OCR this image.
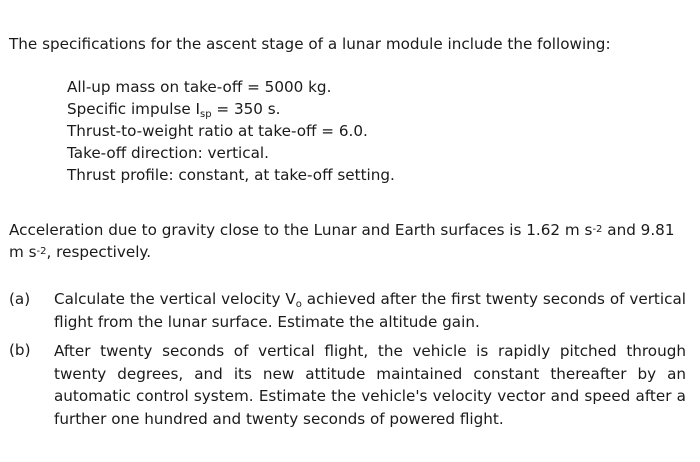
The specifications for the ascent stage of a lunar module include the following:
All-up mass on take-off = 5000 kg.
Specific impulse $I_{sp} = 350$ s.
Thrust-to-weight ratio at take-off = 6.0.
Take-off direction: vertical.
Thrust profile: constant, at take-off setting.
Acceleration due to gravity close to the Lunar and Earth surfaces is 1.62 m $s^{-2}$ and 9.81 m $s^{-2}$, respectively.
(a) Calculate the vertical velocity $V_o$ achieved after the first twenty seconds of vertical flight from the lunar surface. Estimate the altitude gain.
(b) After twenty seconds of vertical flight, the vehicle is rapidly pitched through twenty degrees, and its new attitude maintained constant thereafter by an automatic control system. Estimate the vehicle's velocity vector and speed after a further one hundred and twenty seconds of powered flight.
